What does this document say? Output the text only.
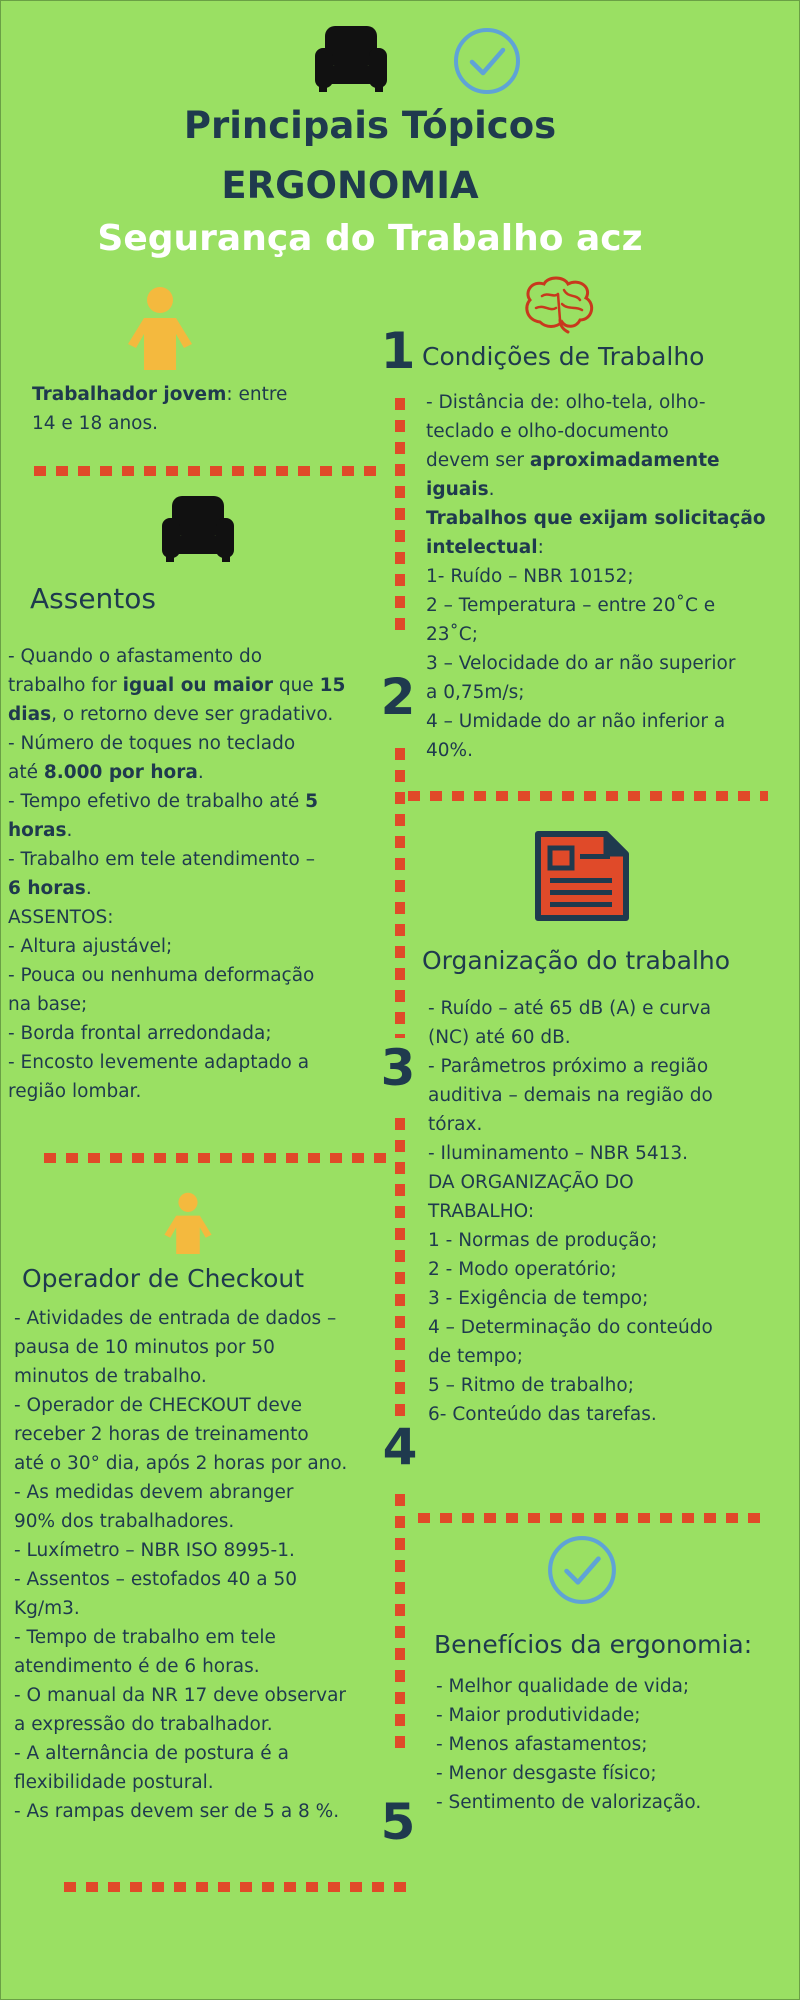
Principais Tópicos
ERGONOMIA
Segurança do Trabalho acz
1
2
3
4
5
Trabalhador jovem: entre
14 e 18 anos.
Assentos
- Quando o afastamento do
trabalho for igual ou maior que 15
dias, o retorno deve ser gradativo.
- Número de toques no teclado
até 8.000 por hora.
- Tempo efetivo de trabalho até 5
horas.
- Trabalho em tele atendimento –
6 horas.
ASSENTOS:
- Altura ajustável;
- Pouca ou nenhuma deformação
na base;
- Borda frontal arredondada;
- Encosto levemente adaptado a
região lombar.
Operador de Checkout
- Atividades de entrada de dados –
pausa de 10 minutos por 50
minutos de trabalho.
- Operador de CHECKOUT deve
receber 2 horas de treinamento
até o 30° dia, após 2 horas por ano.
- As medidas devem abranger
90% dos trabalhadores.
- Luxímetro – NBR ISO 8995-1.
- Assentos – estofados 40 a 50
Kg/m3.
- Tempo de trabalho em tele
atendimento é de 6 horas.
- O manual da NR 17 deve observar
a expressão do trabalhador.
- A alternância de postura é a
flexibilidade postural.
- As rampas devem ser de 5 a 8 %.
Condições de Trabalho
- Distância de: olho-tela, olho-
teclado e olho-documento
devem ser aproximadamente
iguais.
Trabalhos que exijam solicitação
intelectual:
1- Ruído – NBR 10152;
2 – Temperatura – entre 20˚C e
23˚C;
3 – Velocidade do ar não superior
a 0,75m/s;
4 – Umidade do ar não inferior a
40%.
Organização do trabalho
- Ruído – até 65 dB (A) e curva
(NC) até 60 dB.
- Parâmetros próximo a região
auditiva – demais na região do
tórax.
- Iluminamento – NBR 5413.
DA ORGANIZAÇÃO DO
TRABALHO:
1 - Normas de produção;
2 - Modo operatório;
3 - Exigência de tempo;
4 – Determinação do conteúdo
de tempo;
5 – Ritmo de trabalho;
6- Conteúdo das tarefas.
Benefícios da ergonomia:
- Melhor qualidade de vida;
- Maior produtividade;
- Menos afastamentos;
- Menor desgaste físico;
- Sentimento de valorização.
